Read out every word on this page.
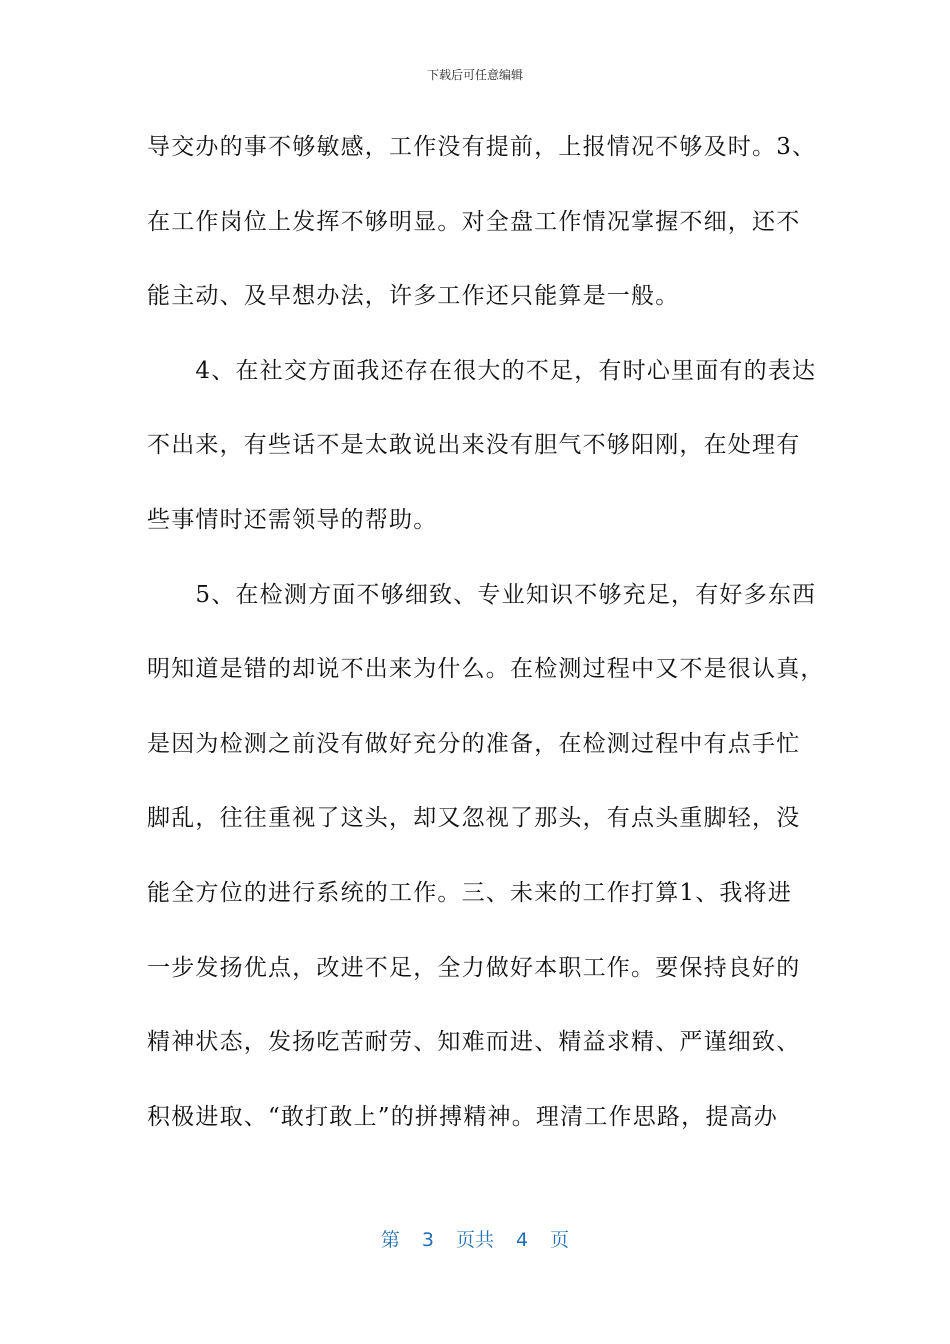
下载后可任意编辑
导交办的事不够敏感，工作没有提前，上报情况不够及时。3、
在工作岗位上发挥不够明显。对全盘工作情况掌握不细，还不
能主动、及早想办法，许多工作还只能算是一般。
　　4、在社交方面我还存在很大的不足，有时心里面有的表达
不出来，有些话不是太敢说出来没有胆气不够阳刚，在处理有
些事情时还需领导的帮助。
　　5、在检测方面不够细致、专业知识不够充足，有好多东西
明知道是错的却说不出来为什么。在检测过程中又不是很认真，
是因为检测之前没有做好充分的准备，在检测过程中有点手忙
脚乱，往往重视了这头，却又忽视了那头，有点头重脚轻，没
能全方位的进行系统的工作。三、未来的工作打算1、我将进
一步发扬优点，改进不足，全力做好本职工作。要保持良好的
精神状态，发扬吃苦耐劳、知难而进、精益求精、严谨细致、
积极进取、“敢打敢上”的拼搏精神。理清工作思路，提高办
第 3 页共 4 页
